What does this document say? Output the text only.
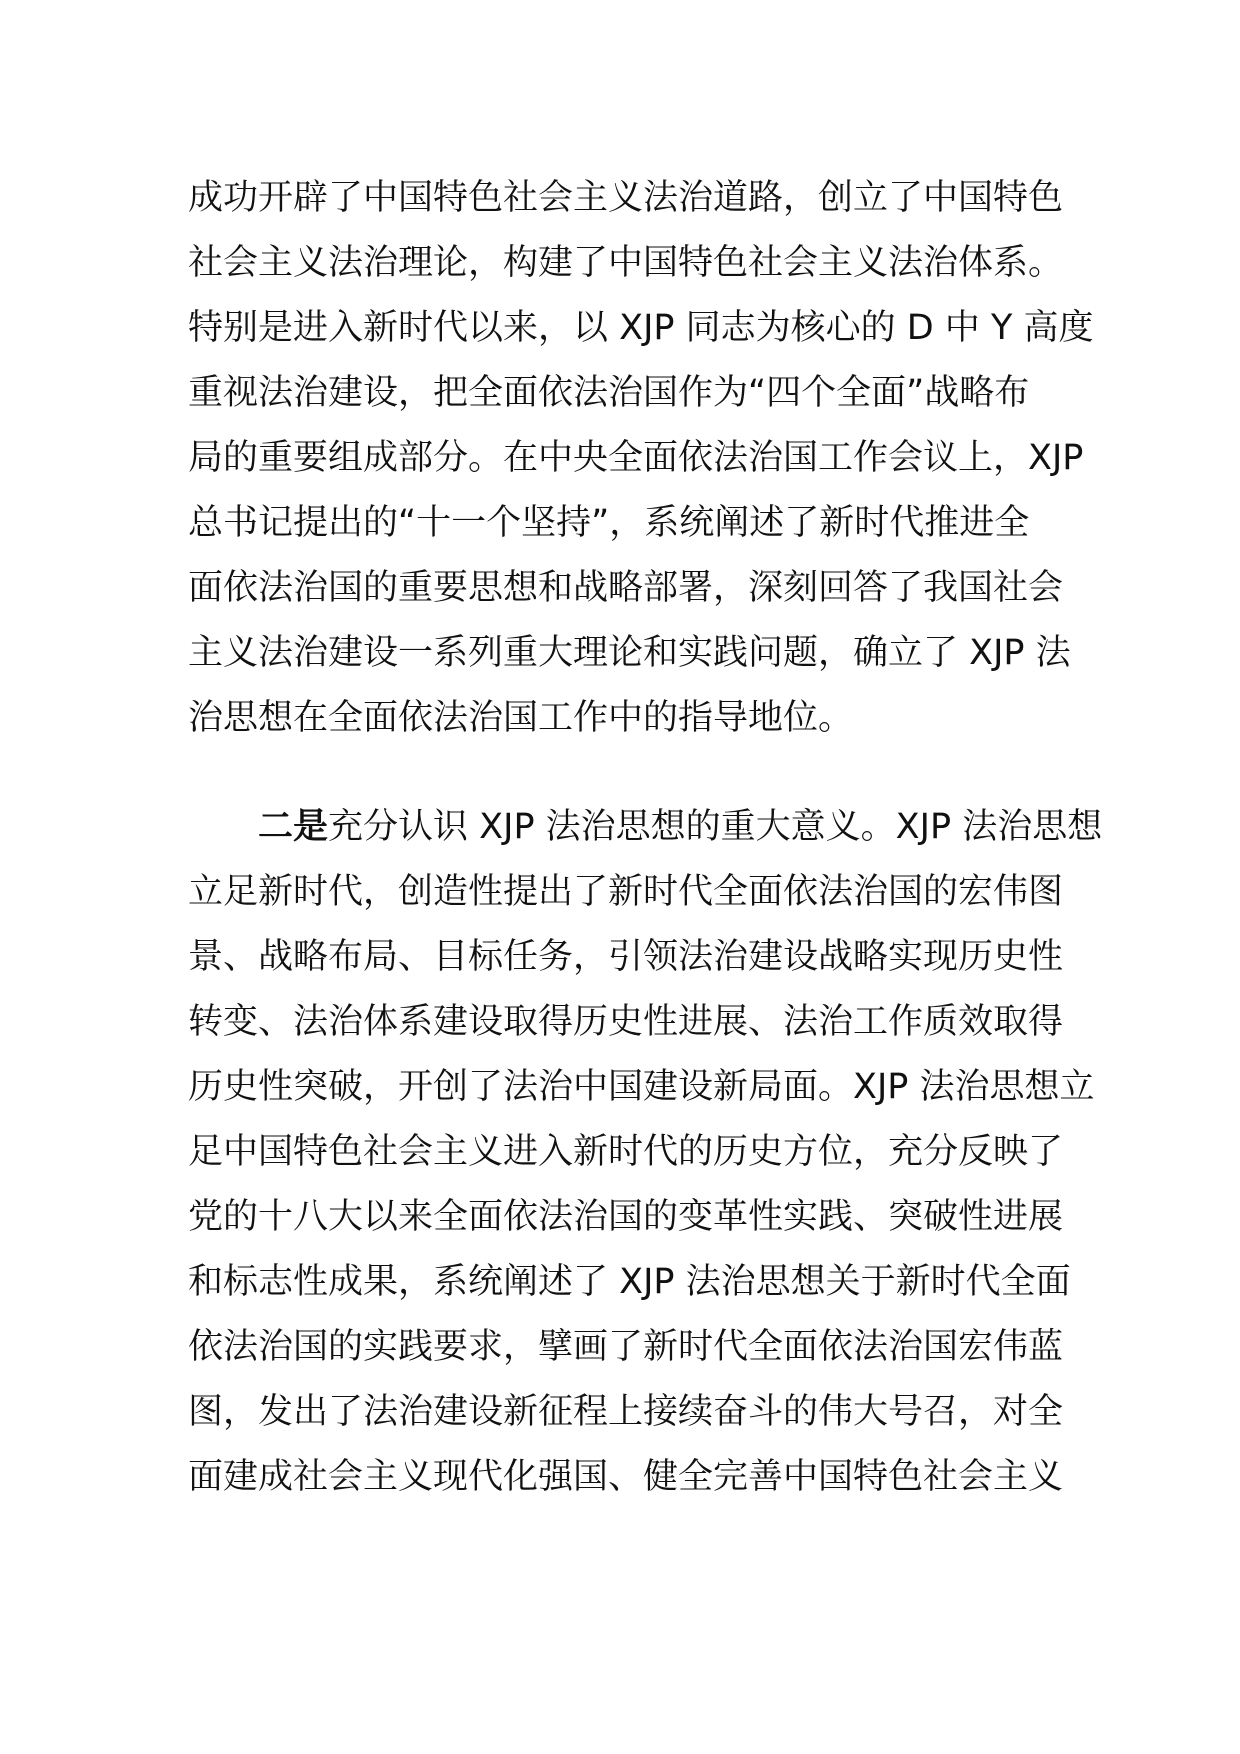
成功开辟了中国特色社会主义法治道路，创立了中国特色
社会主义法治理论，构建了中国特色社会主义法治体系。
特别是进入新时代以来，以 XJP 同志为核心的 D 中 Y 高度
重视法治建设，把全面依法治国作为“四个全面”战略布
局的重要组成部分。在中央全面依法治国工作会议上，XJP
总书记提出的“十一个坚持”，系统阐述了新时代推进全
面依法治国的重要思想和战略部署，深刻回答了我国社会
主义法治建设一系列重大理论和实践问题，确立了 XJP 法
治思想在全面依法治国工作中的指导地位。
二是充分认识 XJP 法治思想的重大意义。XJP 法治思想
立足新时代，创造性提出了新时代全面依法治国的宏伟图
景、战略布局、目标任务，引领法治建设战略实现历史性
转变、法治体系建设取得历史性进展、法治工作质效取得
历史性突破，开创了法治中国建设新局面。XJP 法治思想立
足中国特色社会主义进入新时代的历史方位，充分反映了
党的十八大以来全面依法治国的变革性实践、突破性进展
和标志性成果，系统阐述了 XJP 法治思想关于新时代全面
依法治国的实践要求，擘画了新时代全面依法治国宏伟蓝
图，发出了法治建设新征程上接续奋斗的伟大号召，对全
面建成社会主义现代化强国、健全完善中国特色社会主义
